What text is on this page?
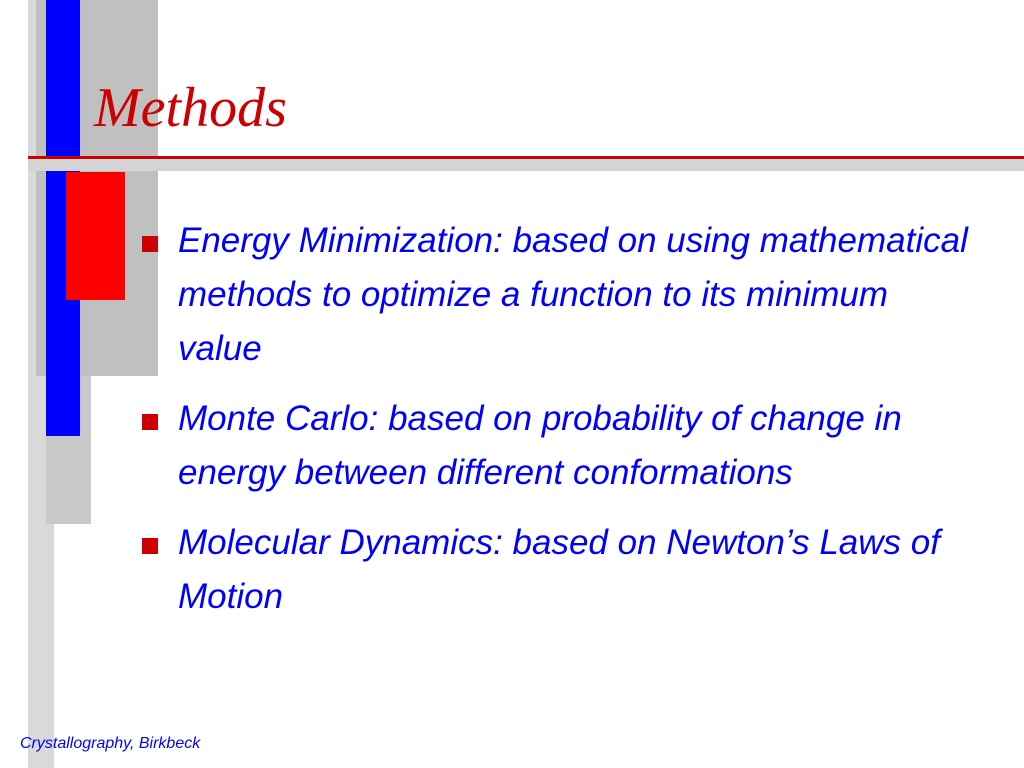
Methods
Energy Minimization: based on using mathematical methods to optimize a function to its minimum value
Monte Carlo: based on probability of change in energy between different conformations
Molecular Dynamics: based on Newton’s Laws of Motion
Crystallography, Birkbeck
